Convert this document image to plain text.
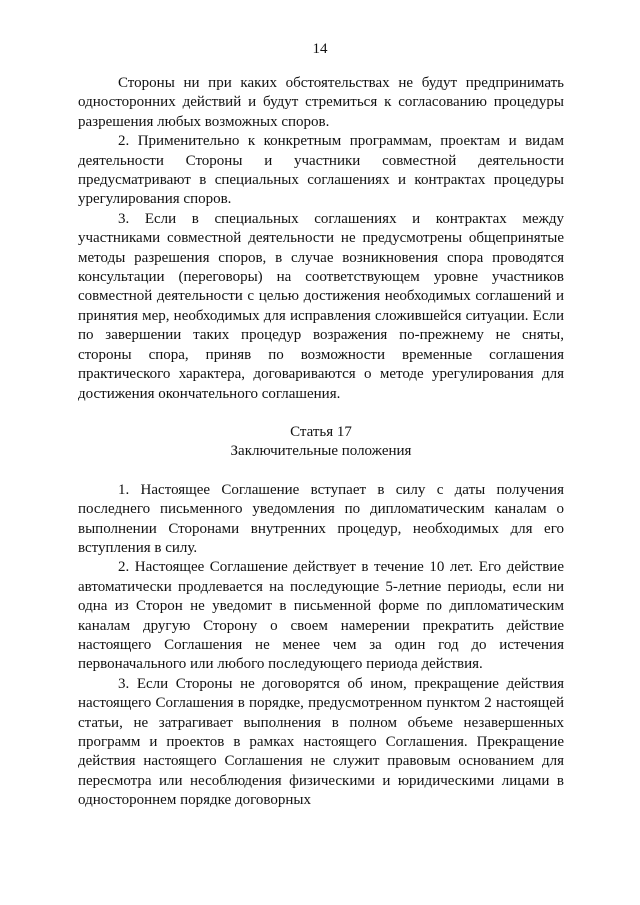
14

Стороны ни при каких обстоятельствах не будут предпринимать односторонних действий и будут стремиться к согласованию процедуры разрешения любых возможных споров.

2. Применительно к конкретным программам, проектам и видам деятельности Стороны и участники совместной деятельности предусматривают в специальных соглашениях и контрактах процедуры урегулирования споров.

3. Если в специальных соглашениях и контрактах между участниками совместной деятельности не предусмотрены общепринятые методы разрешения споров, в случае возникновения спора проводятся консультации (переговоры) на соответствующем уровне участников совместной деятельности с целью достижения необходимых соглашений и принятия мер, необходимых для исправления сложившейся ситуации. Если по завершении таких процедур возражения по-прежнему не сняты, стороны спора, приняв по возможности временные соглашения практического характера, договариваются о методе урегулирования для достижения окончательного соглашения.

Статья 17

Заключительные положения

1. Настоящее Соглашение вступает в силу с даты получения последнего письменного уведомления по дипломатическим каналам о выполнении Сторонами внутренних процедур, необходимых для его вступления в силу.

2. Настоящее Соглашение действует в течение 10 лет. Его действие автоматически продлевается на последующие 5-летние периоды, если ни одна из Сторон не уведомит в письменной форме по дипломатическим каналам другую Сторону о своем намерении прекратить действие настоящего Соглашения не менее чем за один год до истечения первоначального или любого последующего периода действия.

3. Если Стороны не договорятся об ином, прекращение действия настоящего Соглашения в порядке, предусмотренном пунктом 2 настоящей статьи, не затрагивает выполнения в полном объеме незавершенных программ и проектов в рамках настоящего Соглашения. Прекращение действия настоящего Соглашения не служит правовым основанием для пересмотра или несоблюдения физическими и юридическими лицами в одностороннем порядке договорных
